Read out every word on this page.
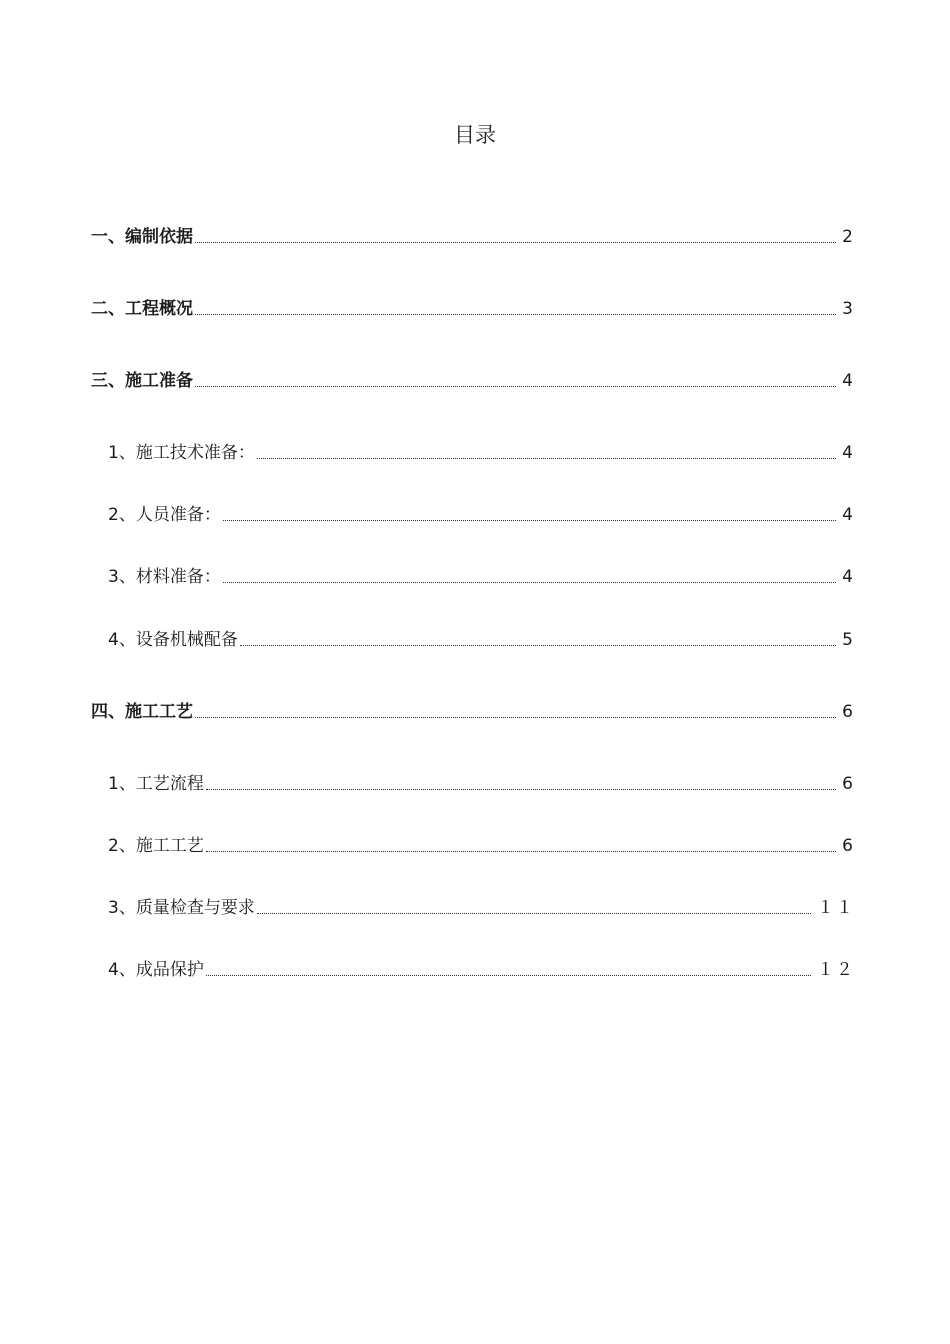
目录
一、编制依据	2
二、工程概况	3
三、施工准备	4
1、施工技术准备：	4
2、人员准备：	4
3、材料准备：	4
4、设备机械配备	5
四、施工工艺	6
1、工艺流程	6
2、施工工艺	6
3、质量检查与要求	１１
4、成品保护	１２
